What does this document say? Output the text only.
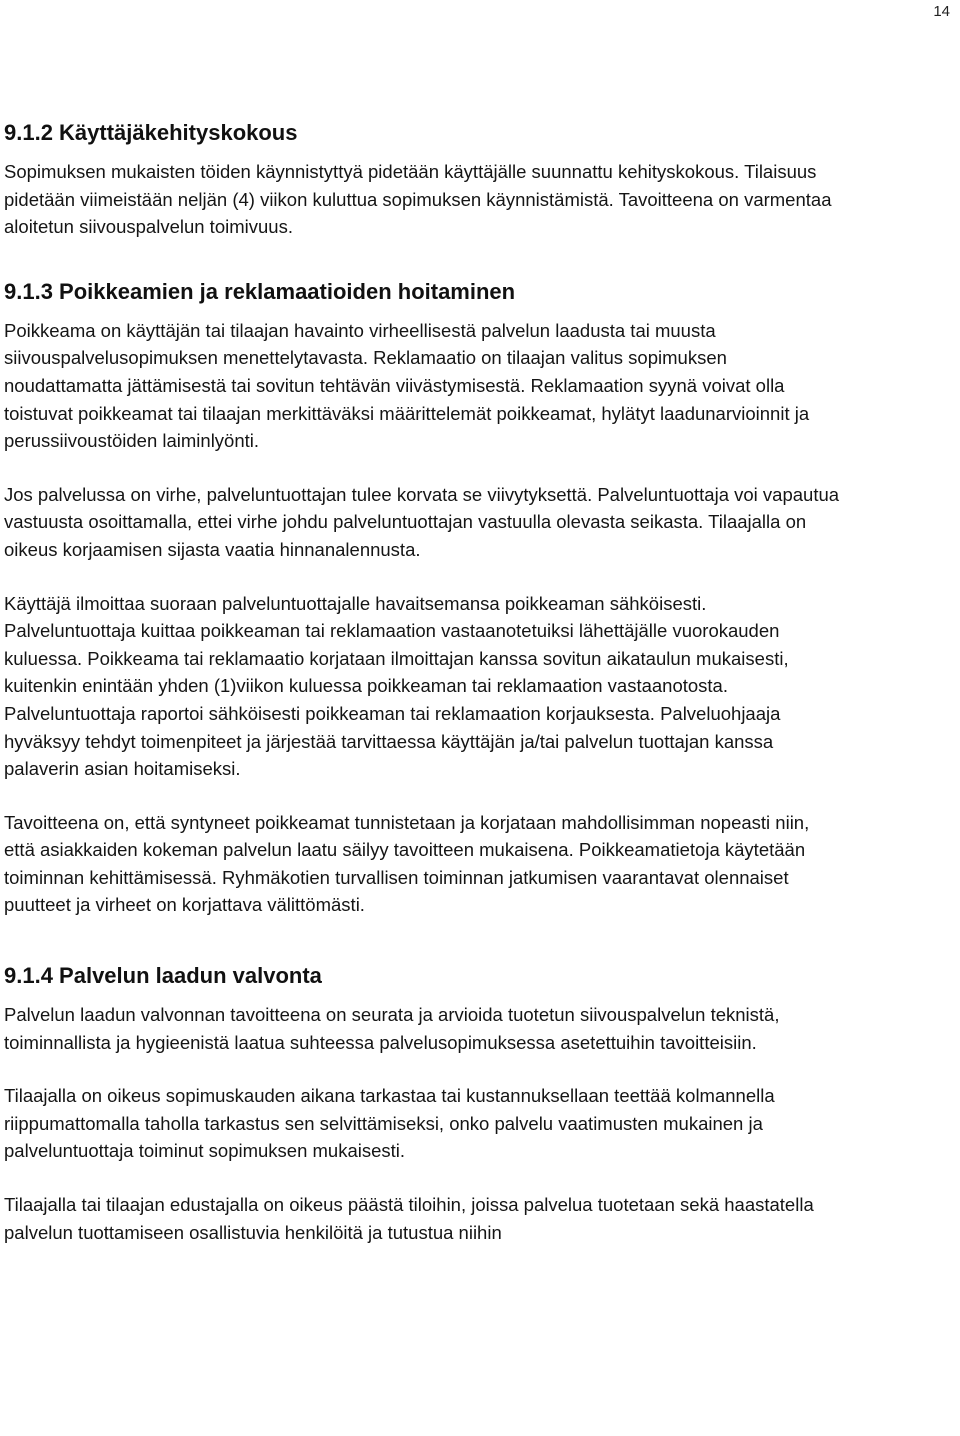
14
9.1.2 Käyttäjäkehityskokous

Sopimuksen mukaisten töiden käynnistyttyä pidetään käyttäjälle suunnattu kehityskokous. Tilaisuus pidetään viimeistään neljän (4) viikon kuluttua sopimuksen käynnistämistä. Tavoitteena on varmentaa aloitetun siivouspalvelun toimivuus.

9.1.3 Poikkeamien ja reklamaatioiden hoitaminen

Poikkeama on käyttäjän tai tilaajan havainto virheellisestä palvelun laadusta tai muusta siivouspalvelusopimuksen menettelytavasta. Reklamaatio on tilaajan valitus sopimuksen noudattamatta jättämisestä tai sovitun tehtävän viivästymisestä. Reklamaation syynä voivat olla toistuvat poikkeamat tai tilaajan merkittäväksi määrittelemät poikkeamat, hylätyt laadunarvioinnit ja perussiivoustöiden laiminlyönti.

Jos palvelussa on virhe, palveluntuottajan tulee korvata se viivytyksettä. Palveluntuottaja voi vapautua vastuusta osoittamalla, ettei virhe johdu palveluntuottajan vastuulla olevasta seikasta. Tilaajalla on oikeus korjaamisen sijasta vaatia hinnanalennusta.

Käyttäjä ilmoittaa suoraan palveluntuottajalle havaitsemansa poikkeaman sähköisesti. Palveluntuottaja kuittaa poikkeaman tai reklamaation vastaanotetuiksi lähettäjälle vuorokauden kuluessa. Poikkeama tai reklamaatio korjataan ilmoittajan kanssa sovitun aikataulun mukaisesti, kuitenkin enintään yhden (1)viikon kuluessa poikkeaman tai reklamaation vastaanotosta. Palveluntuottaja raportoi sähköisesti poikkeaman tai reklamaation korjauksesta. Palveluohjaaja hyväksyy tehdyt toimenpiteet ja järjestää tarvittaessa käyttäjän ja/tai palvelun tuottajan kanssa palaverin asian hoitamiseksi.

Tavoitteena on, että syntyneet poikkeamat tunnistetaan ja korjataan mahdollisimman nopeasti niin, että asiakkaiden kokeman palvelun laatu säilyy tavoitteen mukaisena. Poikkeamatietoja käytetään toiminnan kehittämisessä. Ryhmäkotien turvallisen toiminnan jatkumisen vaarantavat olennaiset puutteet ja virheet on korjattava välittömästi.

9.1.4 Palvelun laadun valvonta

Palvelun laadun valvonnan tavoitteena on seurata ja arvioida tuotetun siivouspalvelun teknistä, toiminnallista ja hygieenistä laatua suhteessa palvelusopimuksessa asetettuihin tavoitteisiin.

Tilaajalla on oikeus sopimuskauden aikana tarkastaa tai kustannuksellaan teettää kolmannella riippumattomalla taholla tarkastus sen selvittämiseksi, onko palvelu vaatimusten mukainen ja palveluntuottaja toiminut sopimuksen mukaisesti.

Tilaajalla tai tilaajan edustajalla on oikeus päästä tiloihin, joissa palvelua tuotetaan sekä haastatella palvelun tuottamiseen osallistuvia henkilöitä ja tutustua niihin
